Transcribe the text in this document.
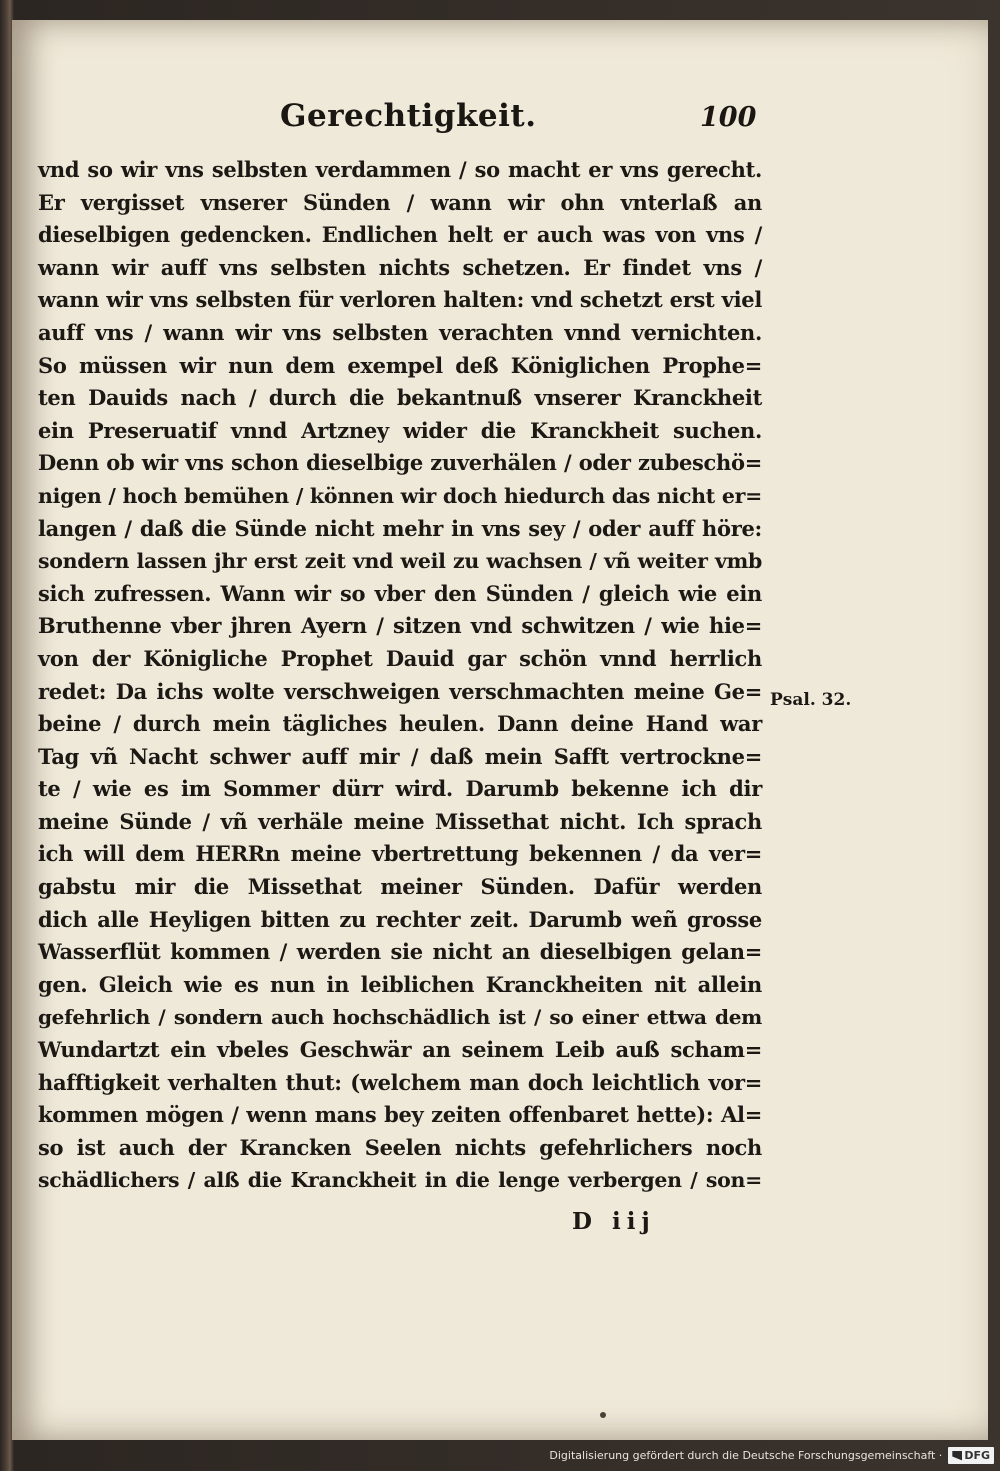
Gerechtigkeit.	100
vnd so wir vns selbsten verdammen / so macht er vns gerecht.
Er vergisset vnserer Sünden / wann wir ohn vnterlaß an
dieselbigen gedencken. Endlichen helt er auch was von vns /
wann wir auff vns selbsten nichts schetzen. Er findet vns /
wann wir vns selbsten für verloren halten: vnd schetzt erst viel
auff vns / wann wir vns selbsten verachten vnnd vernichten.
So müssen wir nun dem exempel deß Königlichen Prophe=
ten Dauids nach / durch die bekantnuß vnserer Kranckheit
ein Preseruatif vnnd Artzney wider die Kranckheit suchen.
Denn ob wir vns schon dieselbige zuverhälen / oder zubeschö=
nigen / hoch bemühen / können wir doch hiedurch das nicht er=
langen / daß die Sünde nicht mehr in vns sey / oder auff höre:
sondern lassen jhr erst zeit vnd weil zu wachsen / vñ weiter vmb
sich zufressen. Wann wir so vber den Sünden / gleich wie ein
Bruthenne vber jhren Ayern / sitzen vnd schwitzen / wie hie=
von der Königliche Prophet Dauid gar schön vnnd herrlich
redet: Da ichs wolte verschweigen verschmachten meine Ge=
beine / durch mein tägliches heulen. Dann deine Hand war
Tag vñ Nacht schwer auff mir / daß mein Safft vertrockne=
te / wie es im Sommer dürr wird. Darumb bekenne ich dir
meine Sünde / vñ verhäle meine Missethat nicht. Ich sprach
ich will dem HERRn meine vbertrettung bekennen / da ver=
gabstu mir die Missethat meiner Sünden. Dafür werden
dich alle Heyligen bitten zu rechter zeit. Darumb weñ grosse
Wasserflüt kommen / werden sie nicht an dieselbigen gelan=
gen. Gleich wie es nun in leiblichen Kranckheiten nit allein
gefehrlich / sondern auch hochschädlich ist / so einer ettwa dem
Wundartzt ein vbeles Geschwär an seinem Leib auß scham=
hafftigkeit verhalten thut: (welchem man doch leichtlich vor=
kommen mögen / wenn mans bey zeiten offenbaret hette): Al=
so ist auch der Krancken Seelen nichts gefehrlichers noch
schädlichers / alß die Kranckheit in die lenge verbergen / son=
Psal. 32.
D iij
Digitalisierung gefördert durch die Deutsche Forschungsgemeinschaft · DFG
